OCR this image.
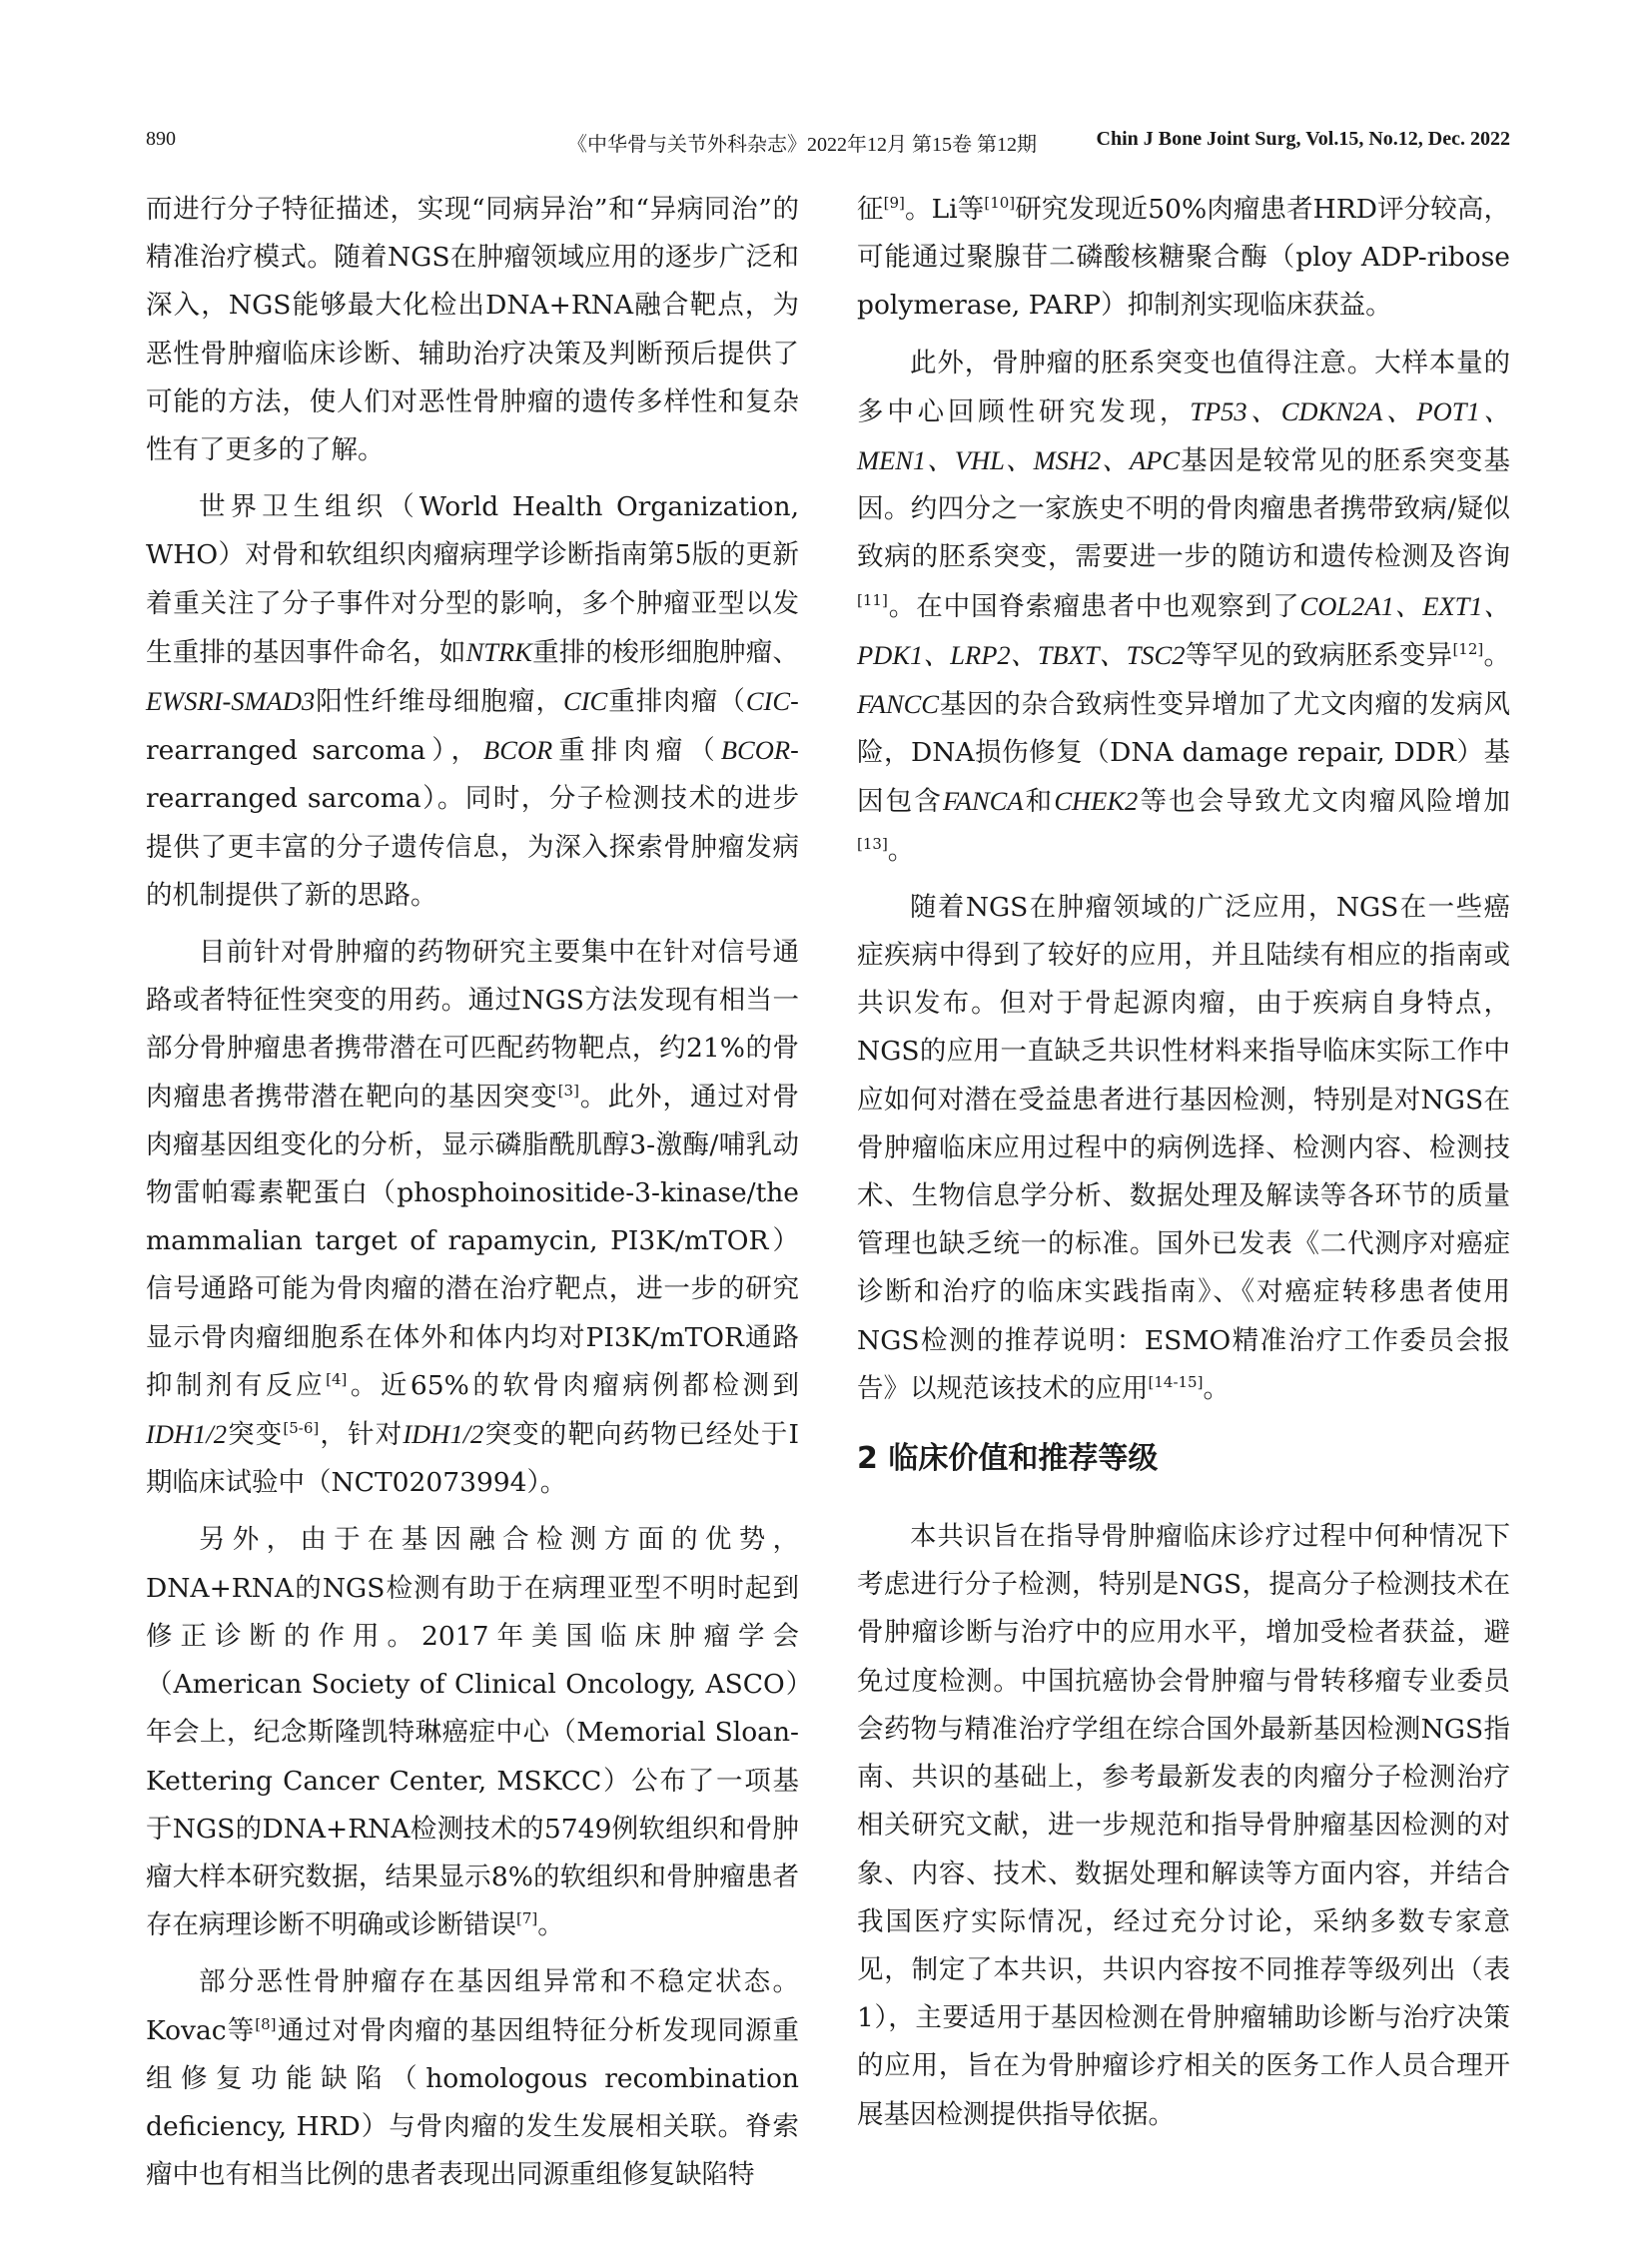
890	《中华骨与关节外科杂志》2022年12月 第15卷 第12期	Chin J Bone Joint Surg, Vol.15, No.12, Dec. 2022

而进行分子特征描述，实现“同病异治”和“异病同治”的精准治疗模式。随着NGS在肿瘤领域应用的逐步广泛和深入，NGS能够最大化检出DNA+RNA融合靶点，为恶性骨肿瘤临床诊断、辅助治疗决策及判断预后提供了可能的方法，使人们对恶性骨肿瘤的遗传多样性和复杂性有了更多的了解。

世界卫生组织（World Health Organization, WHO）对骨和软组织肉瘤病理学诊断指南第5版的更新着重关注了分子事件对分型的影响，多个肿瘤亚型以发生重排的基因事件命名，如NTRK重排的梭形细胞肿瘤、EWSRI-SMAD3阳性纤维母细胞瘤，CIC重排肉瘤（CIC-rearranged sarcoma），BCOR重排肉瘤（BCOR-rearranged sarcoma）。同时，分子检测技术的进步提供了更丰富的分子遗传信息，为深入探索骨肿瘤发病的机制提供了新的思路。

目前针对骨肿瘤的药物研究主要集中在针对信号通路或者特征性突变的用药。通过NGS方法发现有相当一部分骨肿瘤患者携带潜在可匹配药物靶点，约21%的骨肉瘤患者携带潜在靶向的基因突变[3]。此外，通过对骨肉瘤基因组变化的分析，显示磷脂酰肌醇3-激酶/哺乳动物雷帕霉素靶蛋白（phosphoinositide-3-kinase/the mammalian target of rapamycin, PI3K/mTOR）信号通路可能为骨肉瘤的潜在治疗靶点，进一步的研究显示骨肉瘤细胞系在体外和体内均对PI3K/mTOR通路抑制剂有反应[4]。近65%的软骨肉瘤病例都检测到IDH1/2突变[5-6]，针对IDH1/2突变的靶向药物已经处于Ⅰ期临床试验中（NCT02073994）。

另外，由于在基因融合检测方面的优势，DNA+RNA的NGS检测有助于在病理亚型不明时起到修正诊断的作用。2017年美国临床肿瘤学会（American Society of Clinical Oncology, ASCO）年会上，纪念斯隆凯特琳癌症中心（Memorial Sloan-Kettering Cancer Center, MSKCC）公布了一项基于NGS的DNA+RNA检测技术的5749例软组织和骨肿瘤大样本研究数据，结果显示8%的软组织和骨肿瘤患者存在病理诊断不明确或诊断错误[7]。

部分恶性骨肿瘤存在基因组异常和不稳定状态。Kovac等[8]通过对骨肉瘤的基因组特征分析发现同源重组修复功能缺陷（homologous recombination deficiency, HRD）与骨肉瘤的发生发展相关联。脊索瘤中也有相当比例的患者表现出同源重组修复缺陷特

征[9]。Li等[10]研究发现近50%肉瘤患者HRD评分较高，可能通过聚腺苷二磷酸核糖聚合酶（ploy ADP-ribose polymerase, PARP）抑制剂实现临床获益。

此外，骨肿瘤的胚系突变也值得注意。大样本量的多中心回顾性研究发现，TP53、CDKN2A、POT1、MEN1、VHL、MSH2、APC基因是较常见的胚系突变基因。约四分之一家族史不明的骨肉瘤患者携带致病/疑似致病的胚系突变，需要进一步的随访和遗传检测及咨询[11]。在中国脊索瘤患者中也观察到了COL2A1、EXT1、PDK1、LRP2、TBXT、TSC2等罕见的致病胚系变异[12]。FANCC基因的杂合致病性变异增加了尤文肉瘤的发病风险，DNA损伤修复（DNA damage repair, DDR）基因包含FANCA和CHEK2等也会导致尤文肉瘤风险增加[13]。

随着NGS在肿瘤领域的广泛应用，NGS在一些癌症疾病中得到了较好的应用，并且陆续有相应的指南或共识发布。但对于骨起源肉瘤，由于疾病自身特点，NGS的应用一直缺乏共识性材料来指导临床实际工作中应如何对潜在受益患者进行基因检测，特别是对NGS在骨肿瘤临床应用过程中的病例选择、检测内容、检测技术、生物信息学分析、数据处理及解读等各环节的质量管理也缺乏统一的标准。国外已发表《二代测序对癌症诊断和治疗的临床实践指南》、《对癌症转移患者使用NGS检测的推荐说明：ESMO精准治疗工作委员会报告》以规范该技术的应用[14-15]。

2 临床价值和推荐等级

本共识旨在指导骨肿瘤临床诊疗过程中何种情况下考虑进行分子检测，特别是NGS，提高分子检测技术在骨肿瘤诊断与治疗中的应用水平，增加受检者获益，避免过度检测。中国抗癌协会骨肿瘤与骨转移瘤专业委员会药物与精准治疗学组在综合国外最新基因检测NGS指南、共识的基础上，参考最新发表的肉瘤分子检测治疗相关研究文献，进一步规范和指导骨肿瘤基因检测的对象、内容、技术、数据处理和解读等方面内容，并结合我国医疗实际情况，经过充分讨论，采纳多数专家意见，制定了本共识，共识内容按不同推荐等级列出（表1），主要适用于基因检测在骨肿瘤辅助诊断与治疗决策的应用，旨在为骨肿瘤诊疗相关的医务工作人员合理开展基因检测提供指导依据。
